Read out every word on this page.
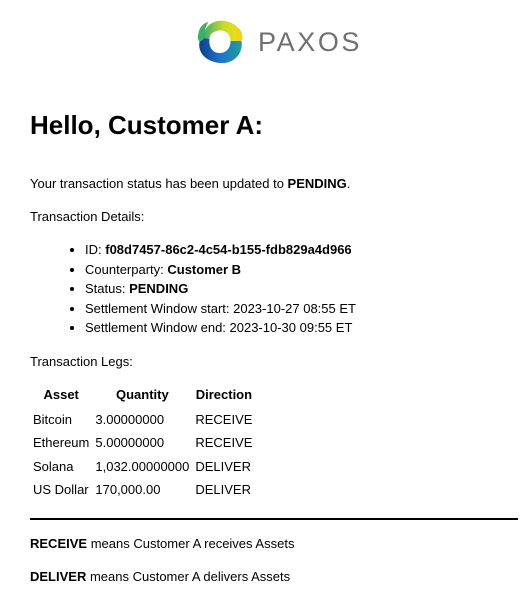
PAXOS
Hello, Customer A:

Your transaction status has been updated to PENDING.

Transaction Details:

• ID: f08d7457-86c2-4c54-b155-fdb829a4d966
• Counterparty: Customer B
• Status: PENDING
• Settlement Window start: 2023-10-27 08:55 ET
• Settlement Window end: 2023-10-30 09:55 ET

Transaction Legs:

Asset	Quantity	Direction
Bitcoin	3.00000000	RECEIVE
Ethereum	5.00000000	RECEIVE
Solana	1,032.00000000	DELIVER
US Dollar	170,000.00	DELIVER

RECEIVE means Customer A receives Assets

DELIVER means Customer A delivers Assets
